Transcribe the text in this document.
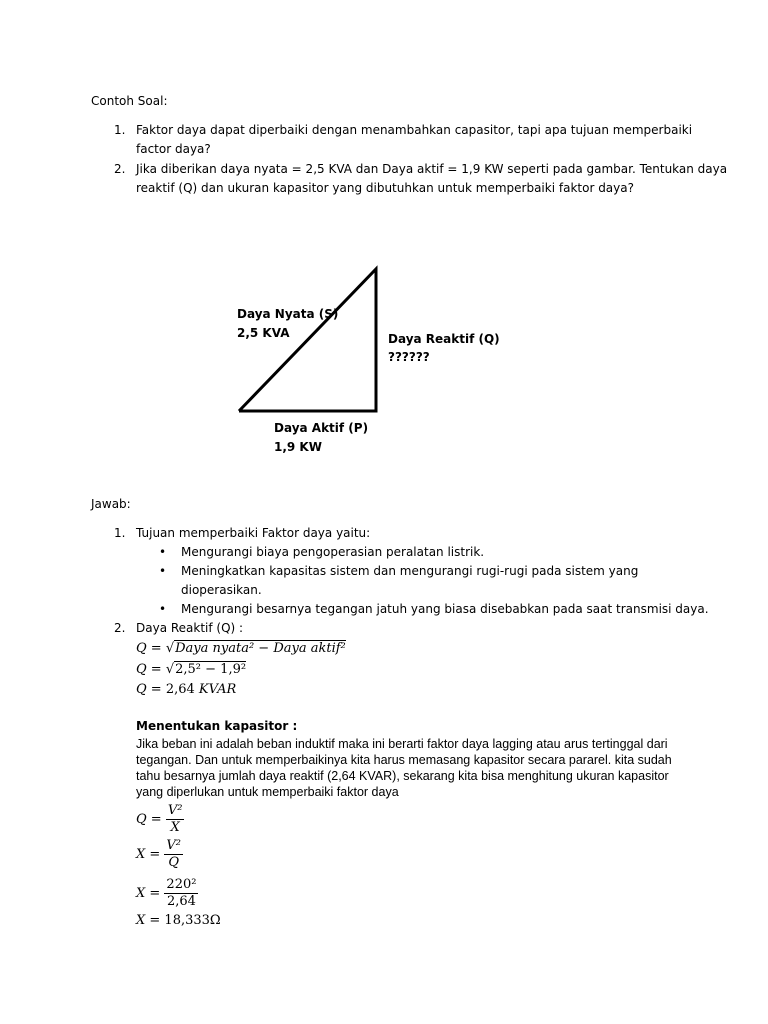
Contoh Soal:
1. Faktor daya dapat diperbaiki dengan menambahkan capasitor, tapi apa tujuan memperbaiki
factor daya?
2. Jika diberikan daya nyata = 2,5 KVA dan Daya aktif = 1,9 KW seperti pada gambar. Tentukan daya
reaktif (Q) dan ukuran kapasitor yang dibutuhkan untuk memperbaiki faktor daya?
Daya Nyata (S)
2,5 KVA	Daya Reaktif (Q)
??????
Daya Aktif (P)
1,9 KW
Jawab:
1. Tujuan memperbaiki Faktor daya yaitu:
• Mengurangi biaya pengoperasian peralatan listrik.
• Meningkatkan kapasitas sistem dan mengurangi rugi-rugi pada sistem yang
dioperasikan.
• Mengurangi besarnya tegangan jatuh yang biasa disebabkan pada saat transmisi daya.
2. Daya Reaktif (Q) :
Q = √Daya nyata² − Daya aktif²
Q = √2,5² − 1,9²
Q = 2,64 KVAR
Menentukan kapasitor :
Jika beban ini adalah beban induktif maka ini berarti faktor daya lagging atau arus tertinggal dari
tegangan. Dan untuk memperbaikinya kita harus memasang kapasitor secara pararel. kita sudah
tahu besarnya jumlah daya reaktif (2,64 KVAR), sekarang kita bisa menghitung ukuran kapasitor
yang diperlukan untuk memperbaiki faktor daya
$Q = \frac{\text{V²}}{X}$
$X = \frac{\text{V²}}{Q}$
$X = \frac{\text{220²}}{2,64}$
X = 18,333Ω
